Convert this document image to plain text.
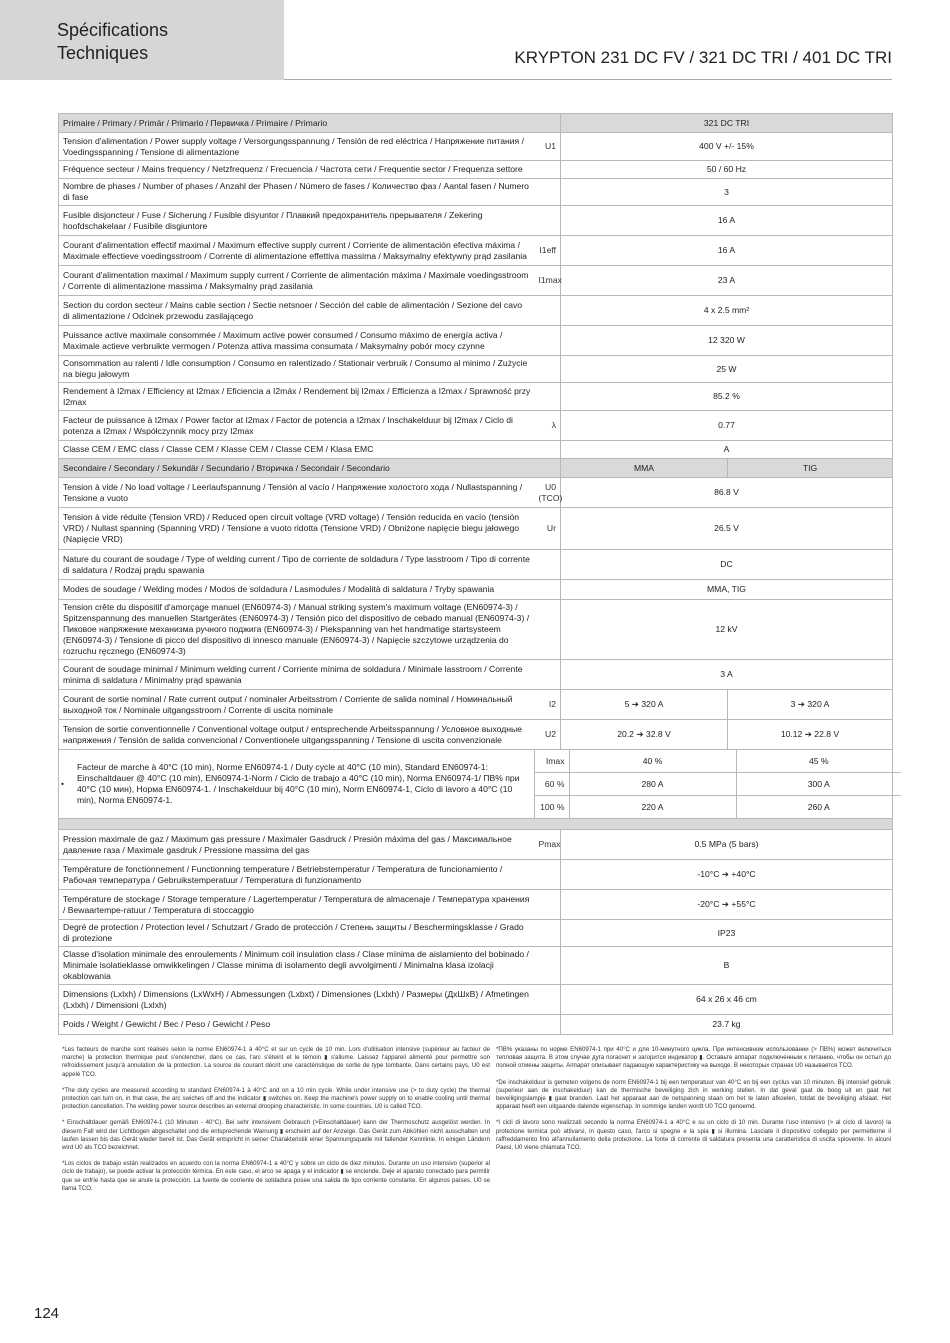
Spécifications
Techniques	KRYPTON 231 DC FV / 321 DC TRI / 401 DC TRI
Primaire / Primary / Primär / Primario / Первичка / Primaire / Primario	321 DC TRI
Tension d'alimentation / Power supply voltage / Versorgungsspannung / Tensión de red eléctrica / Напряжение питания / Voedingsspanning / Tensione di alimentazione	U1	400 V +/- 15%
Fréquence secteur / Mains frequency / Netzfrequenz / Frecuencia / Частота сети / Frequentie sector / Frequenza settore		50 / 60 Hz
Nombre de phases / Number of phases / Anzahl der Phasen / Número de fases / Количество фаз / Aantal fasen / Numero di fase		3
Fusible disjoncteur / Fuse / Sicherung / Fusible disyuntor / Плавкий предохранитель прерывателя / Zekering hoofdschakelaar / Fusibile disgiuntore		16 A
Courant d'alimentation effectif maximal / Maximum effective supply current / Corriente de alimentación efectiva máxima / Maximale effectieve voedingsstroom / Corrente di alimentazione effettiva massima / Maksymalny efektywny prąd zasilania	I1eff	16 A
Courant d'alimentation maximal / Maximum supply current / Corriente de alimentación máxima / Maximale voedingsstroom / Corrente di alimentazione massima / Maksymalny prąd zasilania	I1max	23 A
Section du cordon secteur / Mains cable section / Sectie netsnoer / Sección del cable de alimentación / Sezione del cavo di alimentazione / Odcinek przewodu zasilającego		4 x 2.5 mm²
Puissance active maximale consommée / Maximum active power consumed / Consumo máximo de energía activa / Maximale actieve verbruikte vermogen / Potenza attiva massima consumata / Maksymalny pobór mocy czynne		12 320 W
Consommation au ralenti / Idle consumption / Consumo en ralentizado / Stationair verbruik / Consumo al minimo / Zużycie na biegu jałowym		25 W
Rendement à I2max / Efficiency at I2max / Eficiencia a I2máx / Rendement bij I2max / Efficienza a I2max / Sprawność przy I2max		85.2 %
Facteur de puissance à I2max / Power factor at I2max / Factor de potencia a I2max / Inschakelduur bij I2max / Ciclo di potenza a I2max / Współczynnik mocy przy I2max	λ	0.77
Classe CEM / EMC class / Classe CEM / Klasse CEM / Classe CEM / Klasa EMC		A
Secondaire / Secondary / Sekundär / Secundario / Вторичка / Secondair / Secondario	MMA	TIG
Tension à vide / No load voltage / Leerlaufspannung / Tensión al vacío / Напряжение холостого хода / Nullastspanning / Tensione a vuoto	U0 (TCO)	86.8 V
Tension à vide réduite (Tension VRD) / Reduced open circuit voltage (VRD voltage) / Tensión reducida en vacío (tensión VRD) / Nullast spanning (Spanning VRD) / Tensione a vuoto ridotta (Tensione VRD) / Obniżone napięcie biegu jałowego (Napięcie VRD)	Ur	26.5 V
Nature du courant de soudage / Type of welding current / Tipo de corriente de soldadura / Type lasstroom / Tipo di corrente di saldatura / Rodzaj prądu spawania		DC
Modes de soudage / Welding modes / Modos de soldadura / Lasmodules / Modalità di saldatura / Tryby spawania		MMA, TIG
Tension crête du dispositif d'amorçage manuel (EN60974-3) / Manual striking system's maximum voltage (EN60974-3) / Spitzenspannung des manuellen Startgerätes (EN60974-3) / Tensión pico del dispositivo de cebado manual (EN60974-3) / Пиковое напряжение механизма ручного поджига (EN60974-3) / Piekspanning van het handmatige startsysteem (EN60974-3) / Tensione di picco del dispositivo di innesco manuale (EN60974-3) / Napięcie szczytowe urządzenia do rozruchu ręcznego (EN60974-3)		12 kV
Courant de soudage minimal / Minimum welding current / Corriente mínima de soldadura / Minimale lasstroom / Corrente minima di saldatura / Minimalny prąd spawania		3 A
Courant de sortie nominal / Rate current output / nominaler Arbeitsstrom / Corriente de salida nominal / Номинальный выходной ток / Nominale uitgangsstroom / Corrente di uscita nominale	I2	5 ➔ 320 A	3 ➔ 320 A
Tension de sortie conventionnelle / Conventional voltage output / entsprechende Arbeitsspannung / Условное выходные напряжения / Tensión de salida convencional / Conventionele uitgangsspanning / Tensione di uscita convenzionale	U2	20.2 ➔ 32.8 V	10.12 ➔ 22.8 V

•
Facteur de marche à 40°C (10 min), Norme EN60974-1 / Duty cycle at 40°C (10 min), Standard EN60974-1: Einschaltdauer @ 40°C (10 min), EN60974-1-Norm / Ciclo de trabajo a 40°C (10 min), Norma EN60974-1/ ПВ% при 40°C (10 мин), Норма EN60974-1. / Inschakelduur bij 40°C (10 min), Norm EN60974-1, Ciclo di lavoro a 40°C (10 min), Norma EN60974-1.	
Imax	40 %	45 %
60 %	280 A	300 A
100 %	220 A	260 A

Pression maximale de gaz / Maximum gas pressure / Maximaler Gasdruck / Presión máxima del gas / Максимальное давление газа / Maximale gasdruk / Pressione massima del gas	Pmax	0.5 MPa (5 bars)
Température de fonctionnement / Functionning temperature / Betriebstemperatur / Temperatura de funcionamiento / Рабочая температура / Gebruikstemperatuur / Temperatura di funzionamento		-10°C ➔ +40°C
Température de stockage / Storage temperature / Lagertemperatur / Temperatura de almacenaje / Температура хранения / Bewaartempe-ratuur / Temperatura di stoccaggio		-20°C ➔ +55°C
Degré de protection / Protection level / Schutzart / Grado de protección / Степень защиты / Beschermingsklasse / Grado di protezione		IP23
Classe d'isolation minimale des enroulements / Minimum coil insulation class / Clase mínima de aislamiento del bobinado / Minimale isolatieklasse omwikkelingen / Classe minima di isolamento degli avvolgimenti / Minimalna klasa izolacji okablowania		B
Dimensions (Lxlxh) / Dimensions (LxWxH) / Abmessungen (Lxbxt) / Dimensiones (Lxlxh) / Размеры (ДхШхВ) / Afmetingen (Lxlxh) / Dimensioni (Lxlxh)		64 x 26 x 46 cm
Poids / Weight / Gewicht / Bec / Peso / Gewicht / Peso		23.7 kg

*Les facteurs de marche sont réalisés selon la norme EN60974-1 à 40°C et sur un cycle de 10 min. Lors d'utilisation intensive (supérieur au facteur de marche) la protection thermique peut s'enclencher, dans ce cas, l'arc s'éteint et le témoin ▮ s'allume. Laissez l'appareil alimenté pour permettre son refroidissement jusqu'à annulation de la protection. La source de courant décrit une caractéristique de sortie de type tombante. Dans certains pays, U0 est appelé TCO.

*The duty cycles are measured according to standard EN60974-1 à 40°C and on a 10 min cycle. While under intensive use (> to duty cycle) the thermal protection can turn on, in that case, the arc swiches off and the indicator ▮ switches on. Keep the machine's power supply on to enable cooling until thermal protection cancellation. The welding power source describes an external drooping characteristic. In some countries, U0 is called TCO.

* Einschaltdauer gemäß EN60974-1 (10 Minuten - 40°C). Bei sehr intensivem Gebrauch (>Einschaltdauer) kann der Thermoschutz ausgelöst werden. In diesem Fall wird der Lichtbogen abgeschaltet und die entsprechende Warnung ▮ erscheint auf der Anzeige. Das Gerät zum Abkühlen nicht ausschalten und laufen lassen bis das Gerät wieder bereit ist. Das Gerät entspricht in seiner Charakteristik einer Spannungsquelle mit fallender Kennlinie. In einigen Ländern wird U0 als TCO bezeichnet.

*Los ciclos de trabajo están realizados en acuerdo con la norma EN60974-1 a 40°C y sobre un ciclo de diez minutos. Durante un uso intensivo (superior al ciclo de trabajo), se puede activar la protección térmica. En este caso, el arco se apaga y el indicador ▮ se enciende. Deje el aparato conectado para permitir que se enfríe hasta que se anule la protección. La fuente de corriente de soldadura posee una salida de tipo corriente constante. En algunos países, U0 se llama TCO.

*ПВ% указаны по норме EN60974-1 при 40°C и для 10-минутного цикла. При интенсивном использовании (> ПВ%) может включиться тепловая защита. В этом случае дуга погаснет и загорится индикатор ▮. Оставьте аппарат подключенным к питанию, чтобы он остыл до полной отмены защиты. Аппарат описывает падающую характеристику на выходе. В некоторых странах U0 называется TCO.

*De inschakelduur is gemeten volgens de norm EN60974-1 bij een temperatuur van 40°C en bij een cyclus van 10 minuten. Bij intensief gebruik (superieur aan de inschakelduur) kan de thermische beveiliging zich in werking stellen. In dat geval gaat de boog uit en gaat het beveiligingslampje ▮ gaat branden. Laat het apparaat aan de netspanning staan om het te laten afkoelen, totdat de beveiliging afslaat. Het apparaat heeft een uitgaande dalende eigenschap. In sommige landen wordt U0 TCO genoemd.

*I cicli di lavoro sono realizzati secondo la norma EN60974-1 a 40°C e su un ciclo di 10 min. Durante l'uso intensivo (> al ciclo di lavoro) la protezione termica può attivarsi, in questo caso, l'arco si spegne e la spia ▮ si illumina. Lasciate il dispositivo collegato per permetterne il raffreddamento fino all'annullamento della protezione. La fonte di corrente di saldatura presenta una caratteristica di uscita spiovente. In alcuni Paesi, U0 viene chiamata TCO.

124
